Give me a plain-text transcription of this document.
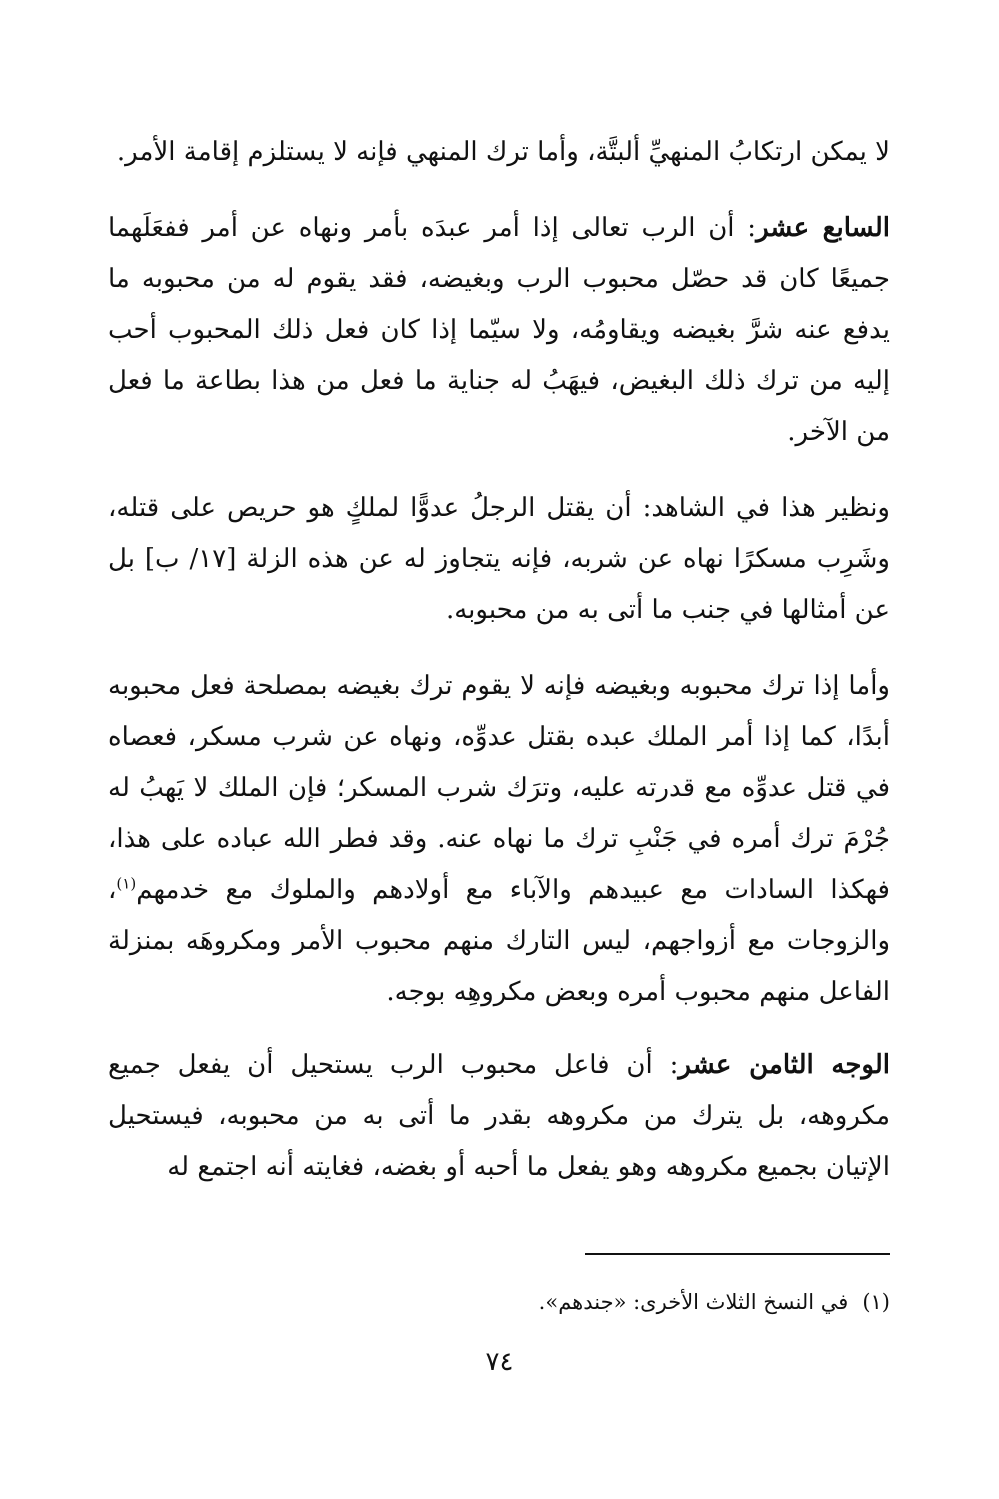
لا يمكن ارتكابُ المنهيِّ ألبتَّة، وأما ترك المنهي فإنه لا يستلزم إقامة الأمر.

السابع عشر: أن الرب تعالى إذا أمر عبدَه بأمر ونهاه عن أمر ففعَلَهما جميعًا كان قد حصّل محبوب الرب وبغيضه، فقد يقوم له من محبوبه ما يدفع عنه شرَّ بغيضه ويقاومُه، ولا سيّما إذا كان فعل ذلك المحبوب أحب إليه من ترك ذلك البغيض، فيهَبُ له جناية ما فعل من هذا بطاعة ما فعل من الآخر.

ونظير هذا في الشاهد: أن يقتل الرجلُ عدوًّا لملكٍ هو حريص على قتله، وشَرِب مسكرًا نهاه عن شربه، فإنه يتجاوز له عن هذه الزلة [١٧/ ب] بل عن أمثالها في جنب ما أتى به من محبوبه.

وأما إذا ترك محبوبه وبغيضه فإنه لا يقوم ترك بغيضه بمصلحة فعل محبوبه أبدًا، كما إذا أمر الملك عبده بقتل عدوِّه، ونهاه عن شرب مسكر، فعصاه في قتل عدوِّه مع قدرته عليه، وترَك شرب المسكر؛ فإن الملك لا يَهبُ له جُرْمَ ترك أمره في جَنْبِ ترك ما نهاه عنه. وقد فطر الله عباده على هذا، فهكذا السادات مع عبيدهم والآباء مع أولادهم والملوك مع خدمهم$^{(١)}$، والزوجات مع أزواجهم، ليس التارك منهم محبوب الأمر ومكروهَه بمنزلة الفاعل منهم محبوب أمره وبعض مكروهِه بوجه.

الوجه الثامن عشر: أن فاعل محبوب الرب يستحيل أن يفعل جميع مكروهه، بل يترك من مكروهه بقدر ما أتى به من محبوبه، فيستحيل الإتيان بجميع مكروهه وهو يفعل ما أحبه أو بغضه، فغايته أنه اجتمع له

(١)في النسخ الثلاث الأخرى: «جندهم».
٧٤
